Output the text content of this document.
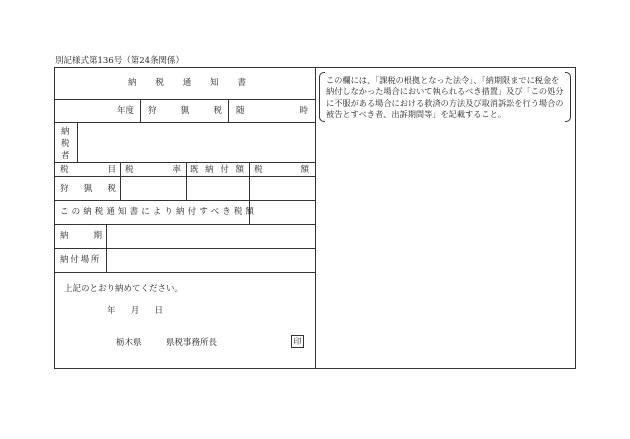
別記様式第136号（第24条関係）
納 税 通 知 書
年度 狩	猟	税 随	時
納
税
者
税	目 税	率 既 納 付 額 税	額
狩 猟 税
この納税通知書により納付すべき税額
納	期
納付場所
上記のとおり納めてください。
年 月 日
栃木県	県税事務所長	印
この欄には、「課税の根拠となった法令」、「納期限までに税金を
納付しなかった場合において執られるべき措置」及び「この処分
に不服がある場合における救済の方法及び取消訴訟を行う場合の
被告とすべき者、出訴期間等」を記載すること。
